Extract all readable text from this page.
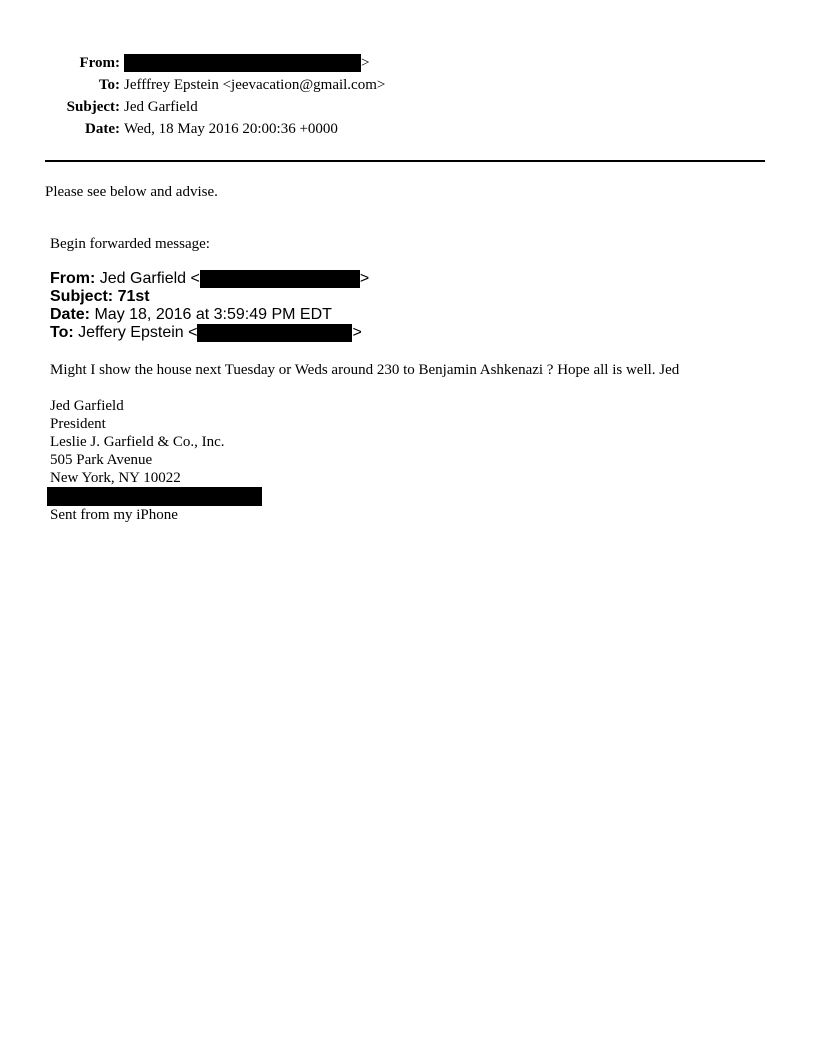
From:	>
To: Jefffrey Epstein <jeevacation@gmail.com>
Subject: Jed Garfield
Date: Wed, 18 May 2016 20:00:36 +0000
Please see below and advise.
Begin forwarded message:
From: Jed Garfield <	>
Subject: 71st
Date: May 18, 2016 at 3:59:49 PM EDT
To: Jeffery Epstein <	>
Might I show the house next Tuesday or Weds around 230 to Benjamin Ashkenazi ? Hope all is well. Jed
Jed Garfield
President
Leslie J. Garfield & Co., Inc.
505 Park Avenue
New York, NY 10022
Sent from my iPhone
